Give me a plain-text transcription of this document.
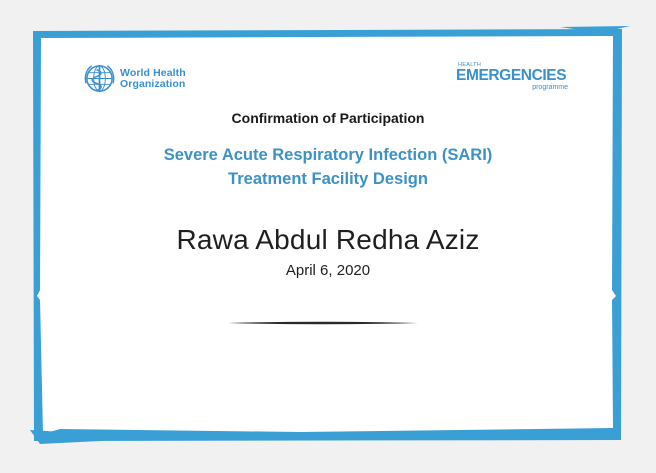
World Health
Organization
HEALTH
EMERGENCIES
programme
Confirmation of Participation
Severe Acute Respiratory Infection (SARI)
Treatment Facility Design
Rawa Abdul Redha Aziz
April 6, 2020
